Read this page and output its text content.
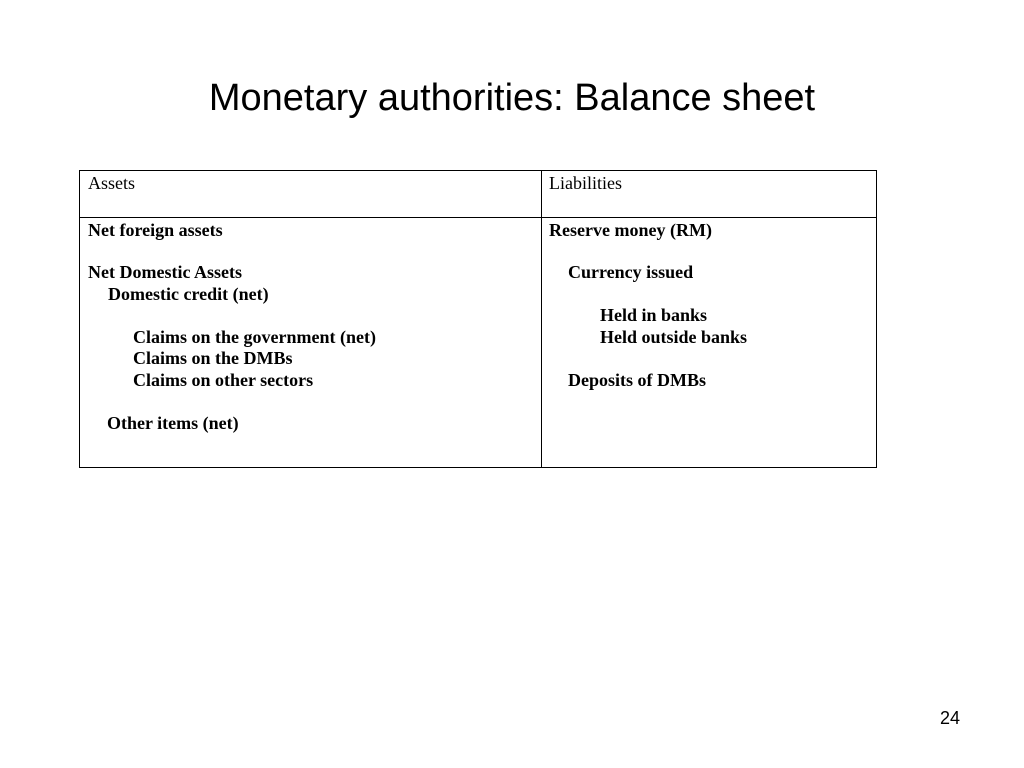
Monetary authorities: Balance sheet
Assets	Liabilities
Net foreign assets
Net Domestic Assets
Domestic credit (net)
Claims on the government (net)
Claims on the DMBs
Claims on other sectors
Other items (net)
Reserve money (RM)
Currency issued
Held in banks
Held outside banks
Deposits of DMBs
24
